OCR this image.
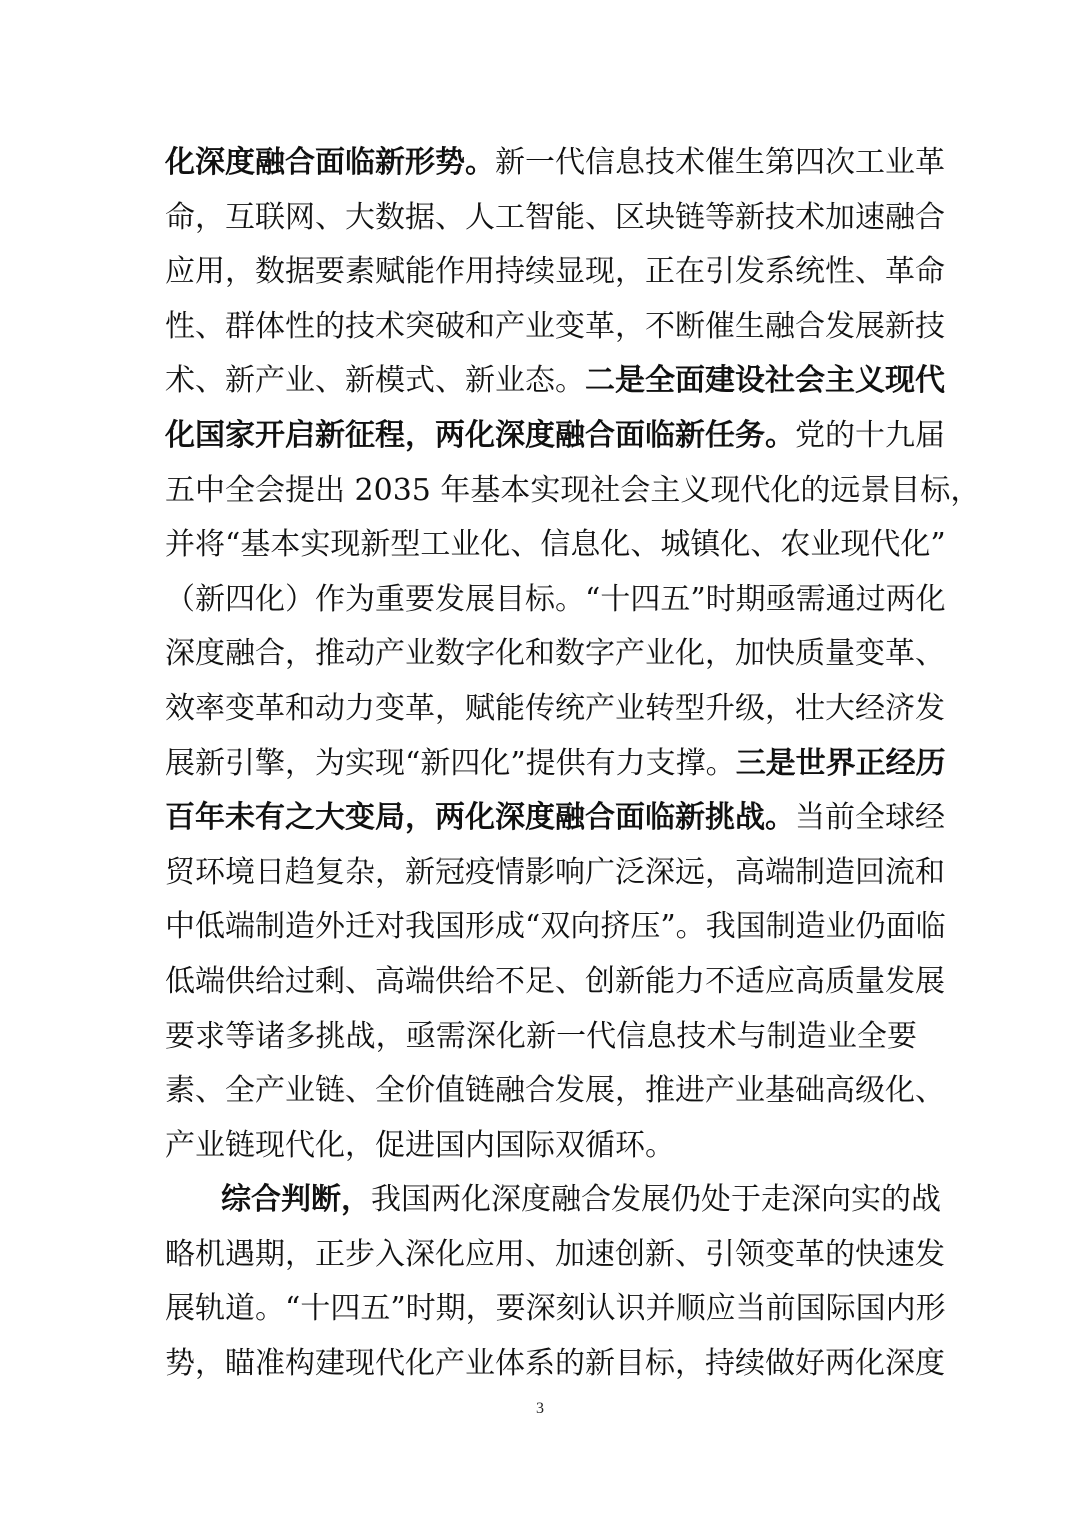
化深度融合面临新形势。新一代信息技术催生第四次工业革
命，互联网、大数据、人工智能、区块链等新技术加速融合
应用，数据要素赋能作用持续显现，正在引发系统性、革命
性、群体性的技术突破和产业变革，不断催生融合发展新技
术、新产业、新模式、新业态。二是全面建设社会主义现代
化国家开启新征程，两化深度融合面临新任务。党的十九届
五中全会提出 2035 年基本实现社会主义现代化的远景目标，
并将“基本实现新型工业化、信息化、城镇化、农业现代化”
（新四化）作为重要发展目标。“十四五”时期亟需通过两化
深度融合，推动产业数字化和数字产业化，加快质量变革、
效率变革和动力变革，赋能传统产业转型升级，壮大经济发
展新引擎，为实现“新四化”提供有力支撑。三是世界正经历
百年未有之大变局，两化深度融合面临新挑战。当前全球经
贸环境日趋复杂，新冠疫情影响广泛深远，高端制造回流和
中低端制造外迁对我国形成“双向挤压”。我国制造业仍面临
低端供给过剩、高端供给不足、创新能力不适应高质量发展
要求等诸多挑战，亟需深化新一代信息技术与制造业全要
素、全产业链、全价值链融合发展，推进产业基础高级化、
产业链现代化，促进国内国际双循环。
综合判断，我国两化深度融合发展仍处于走深向实的战
略机遇期，正步入深化应用、加速创新、引领变革的快速发
展轨道。“十四五”时期，要深刻认识并顺应当前国际国内形
势，瞄准构建现代化产业体系的新目标，持续做好两化深度
3
